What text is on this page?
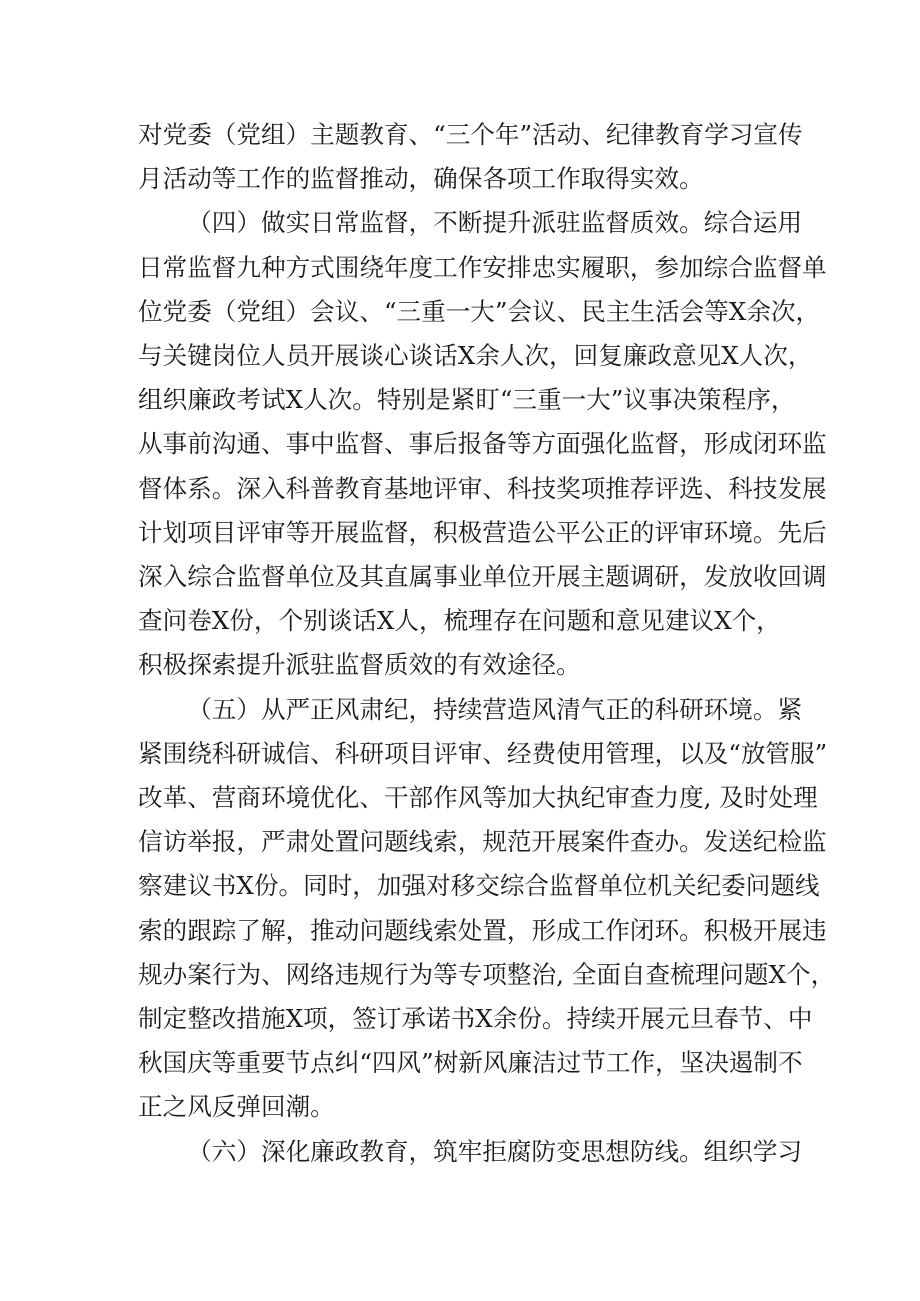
对党委（党组）主题教育、“三个年”活动、纪律教育学习宣传
月活动等工作的监督推动，确保各项工作取得实效。

（四）做实日常监督，不断提升派驻监督质效。综合运用
日常监督九种方式围绕年度工作安排忠实履职，参加综合监督单
位党委（党组）会议、“三重一大”会议、民主生活会等X余次，
与关键岗位人员开展谈心谈话X余人次，回复廉政意见X人次，
组织廉政考试X人次。特别是紧盯“三重一大”议事决策程序，
从事前沟通、事中监督、事后报备等方面强化监督，形成闭环监
督体系。深入科普教育基地评审、科技奖项推荐评选、科技发展
计划项目评审等开展监督，积极营造公平公正的评审环境。先后
深入综合监督单位及其直属事业单位开展主题调研，发放收回调
查问卷X份，个别谈话X人，梳理存在问题和意见建议X个，
积极探索提升派驻监督质效的有效途径。

（五）从严正风肃纪，持续营造风清气正的科研环境。紧
紧围绕科研诚信、科研项目评审、经费使用管理，以及“放管服”
改革、营商环境优化、干部作风等加大执纪审查力度, 及时处理
信访举报，严肃处置问题线索，规范开展案件查办。发送纪检监
察建议书X份。同时，加强对移交综合监督单位机关纪委问题线
索的跟踪了解，推动问题线索处置，形成工作闭环。积极开展违
规办案行为、网络违规行为等专项整治, 全面自查梳理问题X个，
制定整改措施X项，签订承诺书X余份。持续开展元旦春节、中
秋国庆等重要节点纠“四风”树新风廉洁过节工作，坚决遏制不
正之风反弹回潮。

（六）深化廉政教育，筑牢拒腐防变思想防线。组织学习
